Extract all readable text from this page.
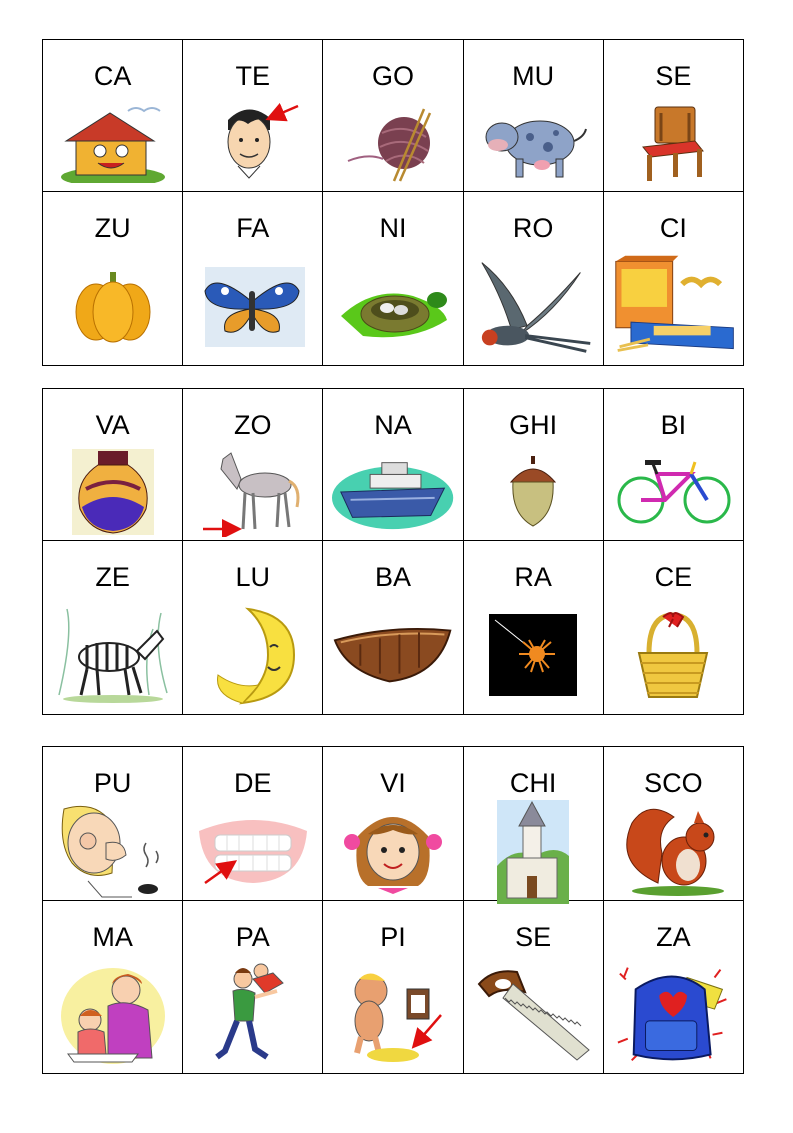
CA	TE	GO	MU	SE

ZU	FA	NI	RO	CI
VA	ZO	NA	GHI	BI

ZE	LU	BA	RA	CE
PU	DE	VI	CHI	SCO

MA	PA	PI	SE	ZA
